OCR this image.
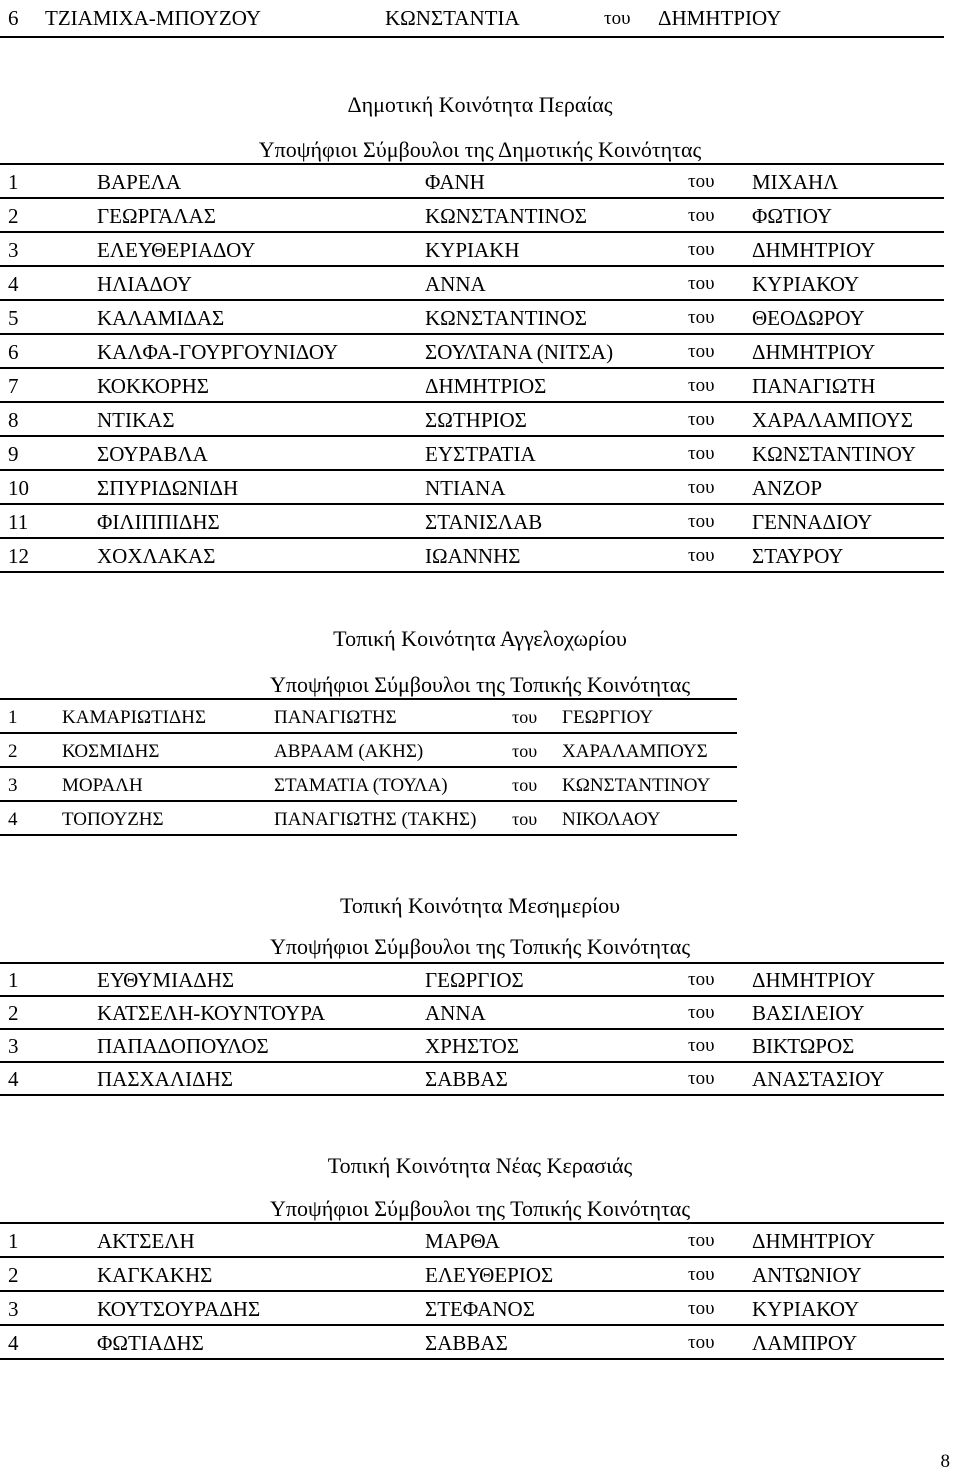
6 ΤΖΙΑΜΙΧΑ-ΜΠΟΥΖΟΥ	ΚΩΝΣΤΑΝΤΙΑ	του ΔΗΜΗΤΡΙΟΥ
Δημοτική Κοινότητα Περαίας
Υποψήφιοι Σύμβουλοι της Δημοτικής Κοινότητας
1	ΒΑΡΕΛΑ	ΦΑΝΗ	του ΜΙΧΑΗΛ
2	ΓΕΩΡΓΑΛΑΣ	ΚΩΝΣΤΑΝΤΙΝΟΣ	του ΦΩΤΙΟΥ
3	ΕΛΕΥΘΕΡΙΑΔΟΥ	ΚΥΡΙΑΚΗ	του ΔΗΜΗΤΡΙΟΥ
4	ΗΛΙΑΔΟΥ	ΑΝΝΑ	του ΚΥΡΙΑΚΟΥ
5	ΚΑΛΑΜΙΔΑΣ	ΚΩΝΣΤΑΝΤΙΝΟΣ	του ΘΕΟΔΩΡΟΥ
6	ΚΑΛΦΑ-ΓΟΥΡΓΟΥΝΙΔΟΥ	ΣΟΥΛΤΑΝΑ (ΝΙΤΣΑ)	του ΔΗΜΗΤΡΙΟΥ
7	ΚΟΚΚΟΡΗΣ	ΔΗΜΗΤΡΙΟΣ	του ΠΑΝΑΓΙΩΤΗ
8	ΝΤΙΚΑΣ	ΣΩΤΗΡΙΟΣ	του ΧΑΡΑΛΑΜΠΟΥΣ
9	ΣΟΥΡΑΒΛΑ	ΕΥΣΤΡΑΤΙΑ	του ΚΩΝΣΤΑΝΤΙΝΟΥ
10	ΣΠΥΡΙΔΩΝΙΔΗ	ΝΤΙΑΝΑ	του ΑΝΖΟΡ
11	ΦΙΛΙΠΠΙΔΗΣ	ΣΤΑΝΙΣΛΑΒ	του ΓΕΝΝΑΔΙΟΥ
12	ΧΟΧΛΑΚΑΣ	ΙΩΑΝΝΗΣ	του ΣΤΑΥΡΟΥ
Τοπική Κοινότητα Αγγελοχωρίου
Υποψήφιοι Σύμβουλοι της Τοπικής Κοινότητας
1 ΚΑΜΑΡΙΩΤΙΔΗΣ	ΠΑΝΑΓΙΩΤΗΣ	του ΓΕΩΡΓΙΟΥ
2 ΚΟΣΜΙΔΗΣ	ΑΒΡΑΑΜ (ΑΚΗΣ)	του ΧΑΡΑΛΑΜΠΟΥΣ
3 ΜΟΡΑΛΗ	ΣΤΑΜΑΤΙΑ (ΤΟΥΛΑ)	του ΚΩΝΣΤΑΝΤΙΝΟΥ
4 ΤΟΠΟΥΖΗΣ	ΠΑΝΑΓΙΩΤΗΣ (ΤΑΚΗΣ) του ΝΙΚΟΛΑΟΥ
Τοπική Κοινότητα Μεσημερίου
Υποψήφιοι Σύμβουλοι της Τοπικής Κοινότητας
1	ΕΥΘΥΜΙΑΔΗΣ	ΓΕΩΡΓΙΟΣ	του ΔΗΜΗΤΡΙΟΥ
2	ΚΑΤΣΕΛΗ-ΚΟΥΝΤΟΥΡΑ	ΑΝΝΑ	του ΒΑΣΙΛΕΙΟΥ
3	ΠΑΠΑΔΟΠΟΥΛΟΣ	ΧΡΗΣΤΟΣ	του ΒΙΚΤΩΡΟΣ
4	ΠΑΣΧΑΛΙΔΗΣ	ΣΑΒΒΑΣ	του ΑΝΑΣΤΑΣΙΟΥ
Τοπική Κοινότητα Νέας Κερασιάς
Υποψήφιοι Σύμβουλοι της Τοπικής Κοινότητας
1	ΑΚΤΣΕΛΗ	ΜΑΡΘΑ	του ΔΗΜΗΤΡΙΟΥ
2	ΚΑΓΚΑΚΗΣ	ΕΛΕΥΘΕΡΙΟΣ	του ΑΝΤΩΝΙΟΥ
3	ΚΟΥΤΣΟΥΡΑΔΗΣ	ΣΤΕΦΑΝΟΣ	του ΚΥΡΙΑΚΟΥ
4	ΦΩΤΙΑΔΗΣ	ΣΑΒΒΑΣ	του ΛΑΜΠΡΟΥ
8
